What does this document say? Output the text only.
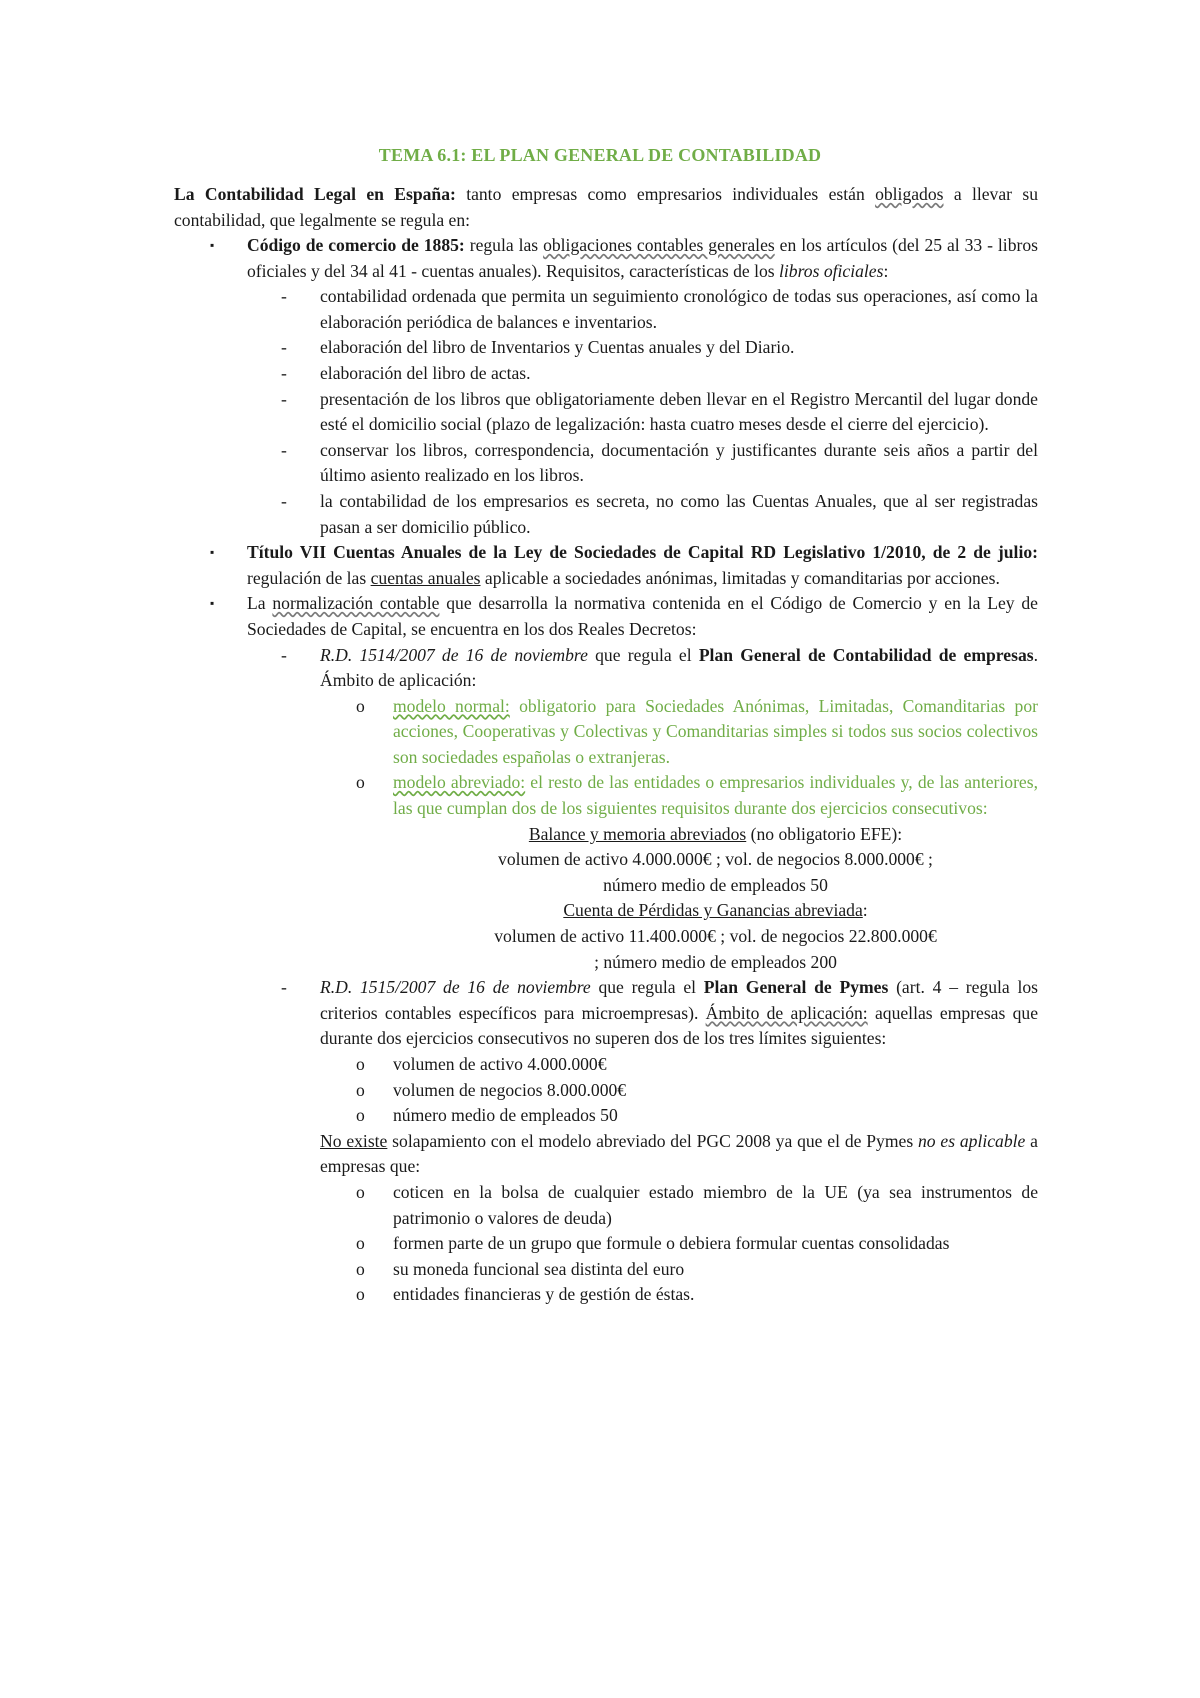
TEMA 6.1: EL PLAN GENERAL DE CONTABILIDAD

La Contabilidad Legal en España: tanto empresas como empresarios individuales están obligados a llevar su contabilidad, que legalmente se regula en:

▪ Código de comercio de 1885: regula las obligaciones contables generales en los artículos (del 25 al 33 - libros oficiales y del 34 al 41 - cuentas anuales). Requisitos, características de los libros oficiales:
- contabilidad ordenada que permita un seguimiento cronológico de todas sus operaciones, así como la elaboración periódica de balances e inventarios.
- elaboración del libro de Inventarios y Cuentas anuales y del Diario.
- elaboración del libro de actas.
- presentación de los libros que obligatoriamente deben llevar en el Registro Mercantil del lugar donde esté el domicilio social (plazo de legalización: hasta cuatro meses desde el cierre del ejercicio).
- conservar los libros, correspondencia, documentación y justificantes durante seis años a partir del último asiento realizado en los libros.
- la contabilidad de los empresarios es secreta, no como las Cuentas Anuales, que al ser registradas pasan a ser domicilio público.
▪ Título VII Cuentas Anuales de la Ley de Sociedades de Capital RD Legislativo 1/2010, de 2 de julio: regulación de las cuentas anuales aplicable a sociedades anónimas, limitadas y comanditarias por acciones.
▪ La normalización contable que desarrolla la normativa contenida en el Código de Comercio y en la Ley de Sociedades de Capital, se encuentra en los dos Reales Decretos:
- R.D. 1514/2007 de 16 de noviembre que regula el Plan General de Contabilidad de empresas. Ámbito de aplicación:
o modelo normal: obligatorio para Sociedades Anónimas, Limitadas, Comanditarias por acciones, Cooperativas y Colectivas y Comanditarias simples si todos sus socios colectivos son sociedades españolas o extranjeras.
o modelo abreviado: el resto de las entidades o empresarios individuales y, de las anteriores, las que cumplan dos de los siguientes requisitos durante dos ejercicios consecutivos:
Balance y memoria abreviados (no obligatorio EFE):
volumen de activo 4.000.000€ ; vol. de negocios 8.000.000€ ;
número medio de empleados 50
Cuenta de Pérdidas y Ganancias abreviada:
volumen de activo 11.400.000€ ; vol. de negocios 22.800.000€
; número medio de empleados 200
- R.D. 1515/2007 de 16 de noviembre que regula el Plan General de Pymes (art. 4 – regula los criterios contables específicos para microempresas). Ámbito de aplicación: aquellas empresas que durante dos ejercicios consecutivos no superen dos de los tres límites siguientes:
o volumen de activo 4.000.000€
o volumen de negocios 8.000.000€
o número medio de empleados 50
No existe solapamiento con el modelo abreviado del PGC 2008 ya que el de Pymes no es aplicable a empresas que:
o coticen en la bolsa de cualquier estado miembro de la UE (ya sea instrumentos de patrimonio o valores de deuda)
o formen parte de un grupo que formule o debiera formular cuentas consolidadas
o su moneda funcional sea distinta del euro
o entidades financieras y de gestión de éstas.
